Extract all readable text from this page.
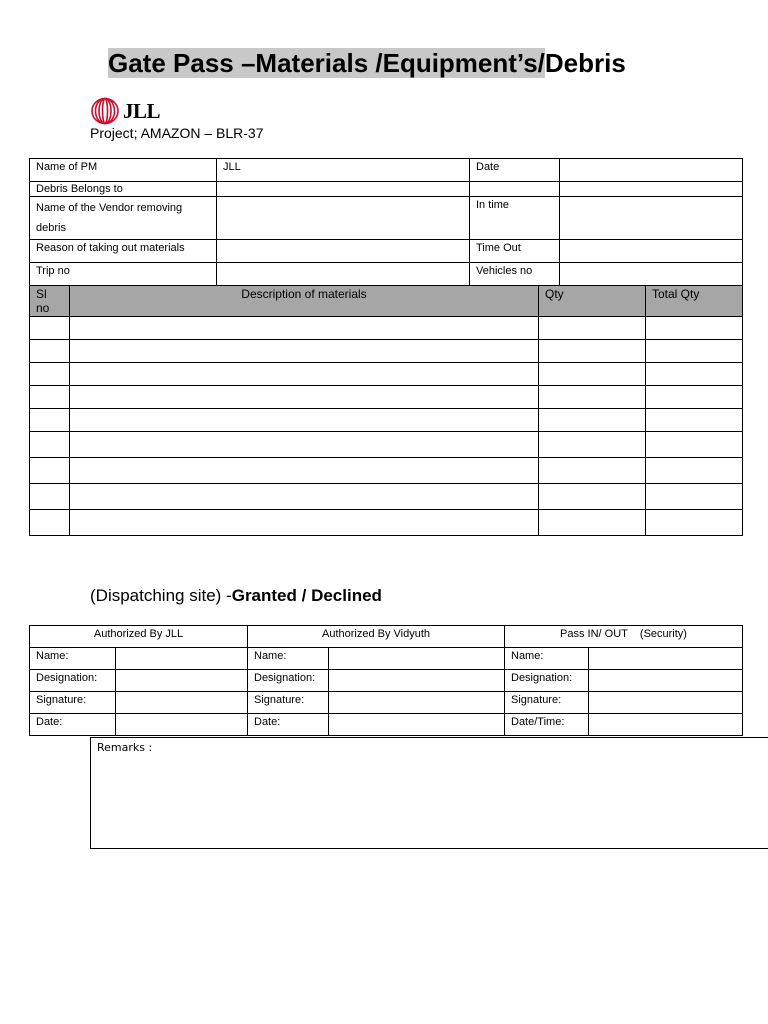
Gate Pass –Materials /Equipment’s/Debris
JLL
Project; AMAZON – BLR-37
Name of PM	JLL	Date	
Debris Belongs to			
Name of the Vendor removing debris		In time	
Reason of taking out materials		Time Out	
Trip no		Vehicles no	
Sl no	Description of materials	Qty	Total Qty

(Dispatching site) -Granted / Declined
Authorized By JLL		Authorized By Vidyuth		Pass IN/ OUT    (Security)	
Name:		Name:		Name:	
Designation:		Designation:		Designation:	
Signature:		Signature:		Signature:	
Date:		Date:		Date/Time:	
Remarks :
